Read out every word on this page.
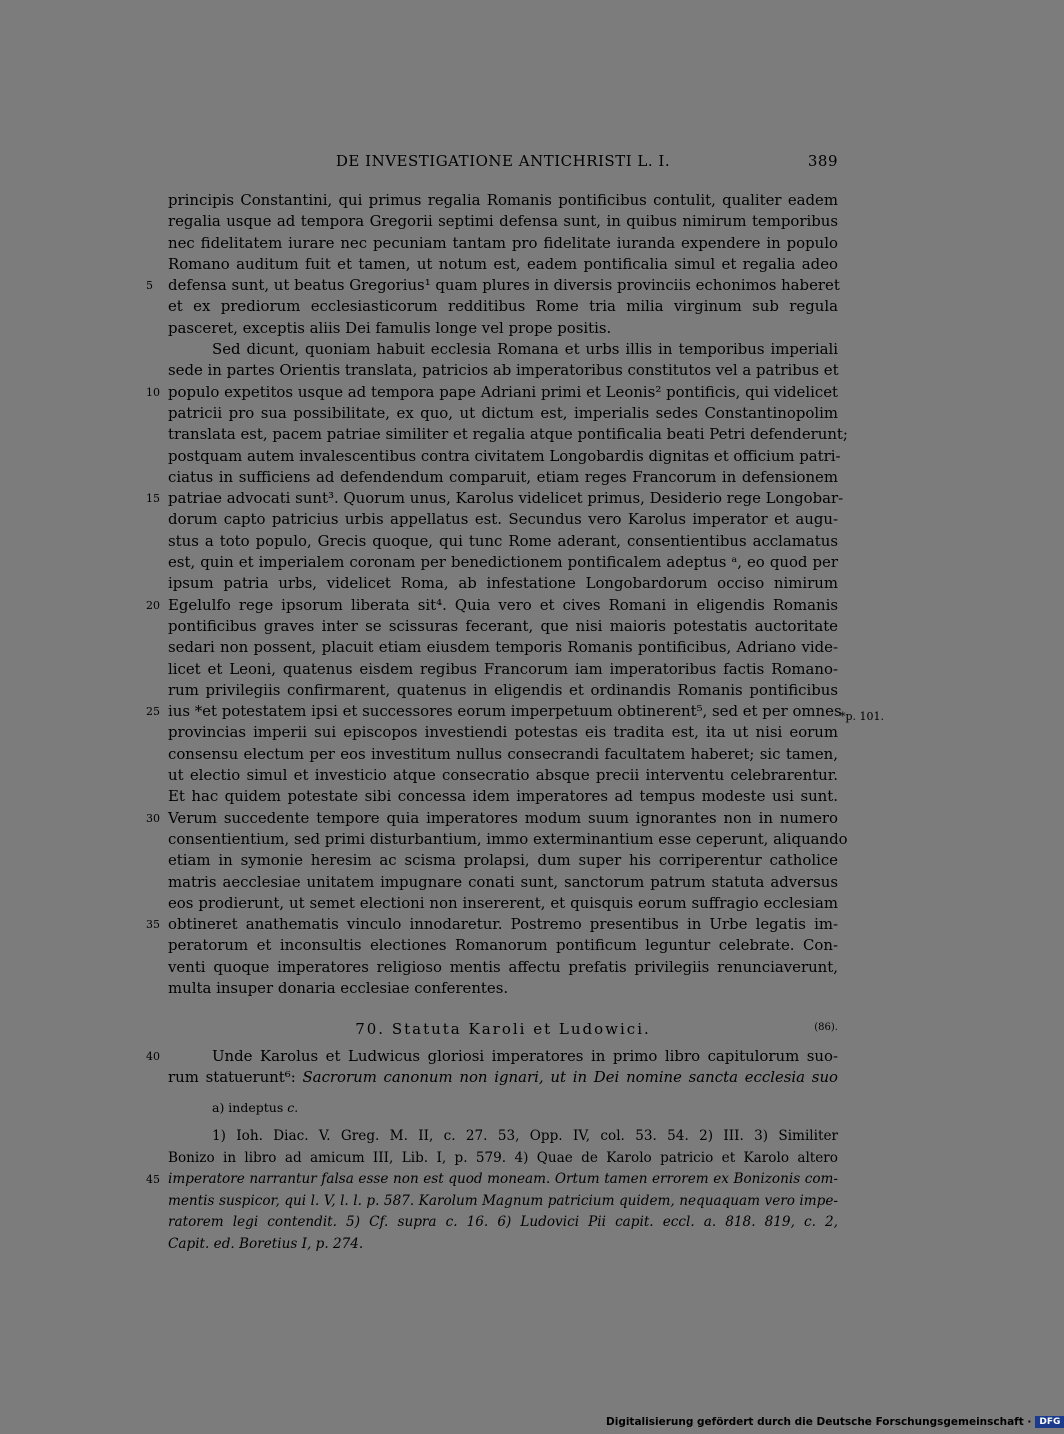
DE INVESTIGATIONE ANTICHRISTI L. I.	389
principis Constantini, qui primus regalia Romanis pontificibus contulit, qualiter eadem
regalia usque ad tempora Gregorii septimi defensa sunt, in quibus nimirum temporibus
nec fidelitatem iurare nec pecuniam tantam pro fidelitate iuranda expendere in populo
Romano auditum fuit et tamen, ut notum est, eadem pontificalia simul et regalia adeo
5	defensa sunt, ut beatus Gregorius¹ quam plures in diversis provinciis echonimos haberet
et ex prediorum ecclesiasticorum redditibus Rome tria milia virginum sub regula
pasceret, exceptis aliis Dei famulis longe vel prope positis.
Sed dicunt, quoniam habuit ecclesia Romana et urbs illis in temporibus imperiali
sede in partes Orientis translata, patricios ab imperatoribus constitutos vel a patribus et
10 populo expetitos usque ad tempora pape Adriani primi et Leonis² pontificis, qui videlicet
patricii pro sua possibilitate, ex quo, ut dictum est, imperialis sedes Constantinopolim
translata est, pacem patriae similiter et regalia atque pontificalia beati Petri defenderunt;
postquam autem invalescentibus contra civitatem Longobardis dignitas et officium patri-
ciatus in sufficiens ad defendendum comparuit, etiam reges Francorum in defensionem
15 patriae advocati sunt³. Quorum unus, Karolus videlicet primus, Desiderio rege Longobar-
dorum capto patricius urbis appellatus est. Secundus vero Karolus imperator et augu-
stus a toto populo, Grecis quoque, qui tunc Rome aderant, consentientibus acclamatus
est, quin et imperialem coronam per benedictionem pontificalem adeptus ᵃ, eo quod per
ipsum patria urbs, videlicet Roma, ab infestatione Longobardorum occiso nimirum
20 Egelulfo rege ipsorum liberata sit⁴. Quia vero et cives Romani in eligendis Romanis
pontificibus graves inter se scissuras fecerant, que nisi maioris potestatis auctoritate
sedari non possent, placuit etiam eiusdem temporis Romanis pontificibus, Adriano vide-
licet et Leoni, quatenus eisdem regibus Francorum iam imperatoribus factis Romano-
rum privilegiis confirmarent, quatenus in eligendis et ordinandis Romanis pontificibus
25 ius *et potestatem ipsi et successores eorum imperpetuum obtinerent⁵, sed et per omnes
provincias imperii sui episcopos investiendi potestas eis tradita est, ita ut nisi eorum
consensu electum per eos investitum nullus consecrandi facultatem haberet; sic tamen,
ut electio simul et investicio atque consecratio absque precii interventu celebrarentur.
Et hac quidem potestate sibi concessa idem imperatores ad tempus modeste usi sunt.
30 Verum succedente tempore quia imperatores modum suum ignorantes non in numero
consentientium, sed primi disturbantium, immo exterminantium esse ceperunt, aliquando
etiam in symonie heresim ac scisma prolapsi, dum super his corriperentur catholice
matris aecclesiae unitatem impugnare conati sunt, sanctorum patrum statuta adversus
eos prodierunt, ut semet electioni non insererent, et quisquis eorum suffragio ecclesiam
35 obtineret anathematis vinculo innodaretur. Postremo presentibus in Urbe legatis im-
peratorum et inconsultis electiones Romanorum pontificum leguntur celebrate. Con-
venti quoque imperatores religioso mentis affectu prefatis privilegiis renunciaverunt,
multa insuper donaria ecclesiae conferentes.
*p. 101.
70. Statuta Karoli et Ludowici.	(86).
40	Unde Karolus et Ludwicus gloriosi imperatores in primo libro capitulorum suo-
rum statuerunt⁶: Sacrorum canonum non ignari, ut in Dei nomine sancta ecclesia suo
a) indeptus c.
1) Ioh. Diac. V. Greg. M. II, c. 27. 53, Opp. IV, col. 53. 54. 2) III. 3) Similiter
Bonizo in libro ad amicum III, Lib. I, p. 579. 4) Quae de Karolo patricio et Karolo altero
45 imperatore narrantur falsa esse non est quod moneam. Ortum tamen errorem ex Bonizonis com-
mentis suspicor, qui l. V, l. l. p. 587. Karolum Magnum patricium quidem, nequaquam vero impe-
ratorem legi contendit. 5) Cf. supra c. 16. 6) Ludovici Pii capit. eccl. a. 818. 819, c. 2,
Capit. ed. Boretius I, p. 274.
Digitalisierung gefördert durch die Deutsche Forschungsgemeinschaft · DFG
